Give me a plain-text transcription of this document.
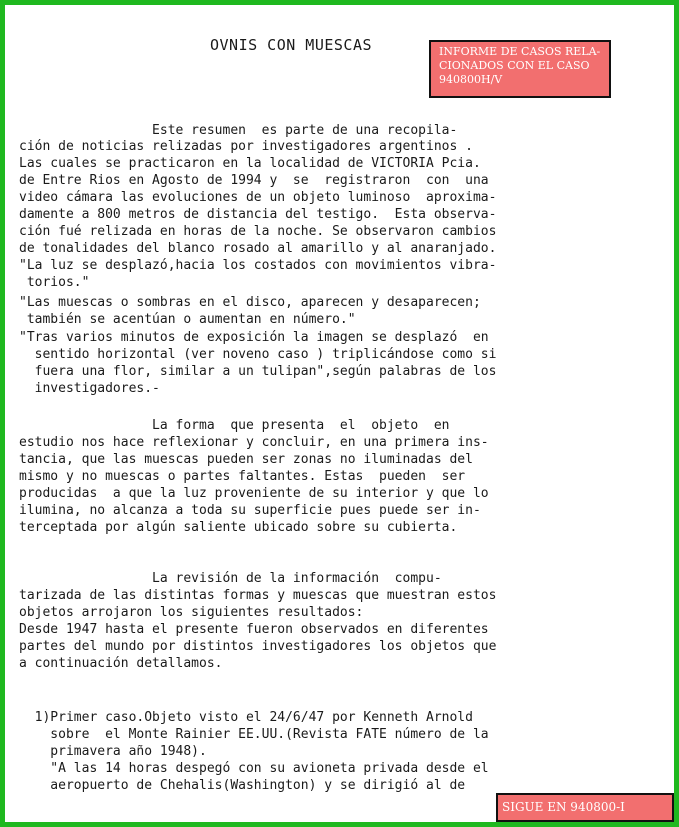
OVNIS CON MUESCAS	INFORME DE CASOS RELA-
CIONADOS CON EL CASO
940800H/V
Este resumen  es parte de una recopila-
ción de noticias relizadas por investigadores argentinos .
Las cuales se practicaron en la localidad de VICTORIA Pcia.
de Entre Rios en Agosto de 1994 y  se  registraron  con  una
video cámara las evoluciones de un objeto luminoso  aproxima-
damente a 800 metros de distancia del testigo.  Esta observa-
ción fué relizada en horas de la noche. Se observaron cambios
de tonalidades del blanco rosado al amarillo y al anaranjado.
"La luz se desplazó,hacia los costados con movimientos vibra-
torios."
"Las muescas o sombras en el disco, aparecen y desaparecen;
también se acentúan o aumentan en número."
"Tras varios minutos de exposición la imagen se desplazó  en
sentido horizontal (ver noveno caso ) triplicándose como si
fuera una flor, similar a un tulipan",según palabras de los
investigadores.-
La forma  que presenta  el  objeto  en
estudio nos hace reflexionar y concluir, en una primera ins-
tancia, que las muescas pueden ser zonas no iluminadas del
mismo y no muescas o partes faltantes. Estas  pueden  ser
producidas  a que la luz proveniente de su interior y que lo
ilumina, no alcanza a toda su superficie pues puede ser in-
terceptada por algún saliente ubicado sobre su cubierta.
La revisión de la información  compu-
tarizada de las distintas formas y muescas que muestran estos
objetos arrojaron los siguientes resultados:
Desde 1947 hasta el presente fueron observados en diferentes
partes del mundo por distintos investigadores los objetos que
a continuación detallamos.
1)Primer caso.Objeto visto el 24/6/47 por Kenneth Arnold
sobre  el Monte Rainier EE.UU.(Revista FATE número de la
primavera año 1948).
"A las 14 horas despegó con su avioneta privada desde el
aeropuerto de Chehalis(Washington) y se dirigió al de
SIGUE EN 940800-I
